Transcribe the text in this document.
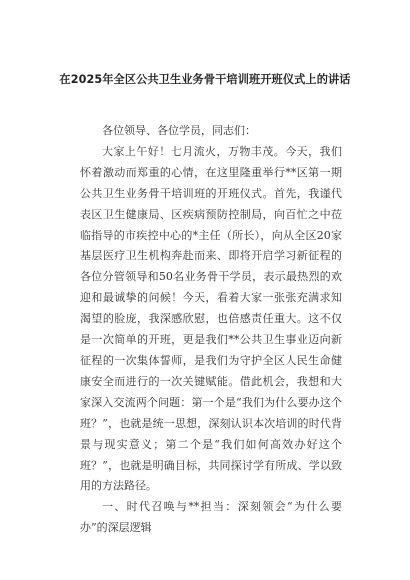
在2025年全区公共卫生业务骨干培训班开班仪式上的讲话

各位领导、各位学员，同志们：

大家上午好！七月流火，万物丰茂。今天，我们怀着激动而郑重的心情，在这里隆重举行**区第一期公共卫生业务骨干培训班的开班仪式。首先，我谨代表区卫生健康局、区疾病预防控制局，向百忙之中莅临指导的市疾控中心的*主任（所长），向从全区20家基层医疗卫生机构奔赴而来、即将开启学习新征程的各位分管领导和50名业务骨干学员，表示最热烈的欢迎和最诚挚的问候！今天，看着大家一张张充满求知渴望的脸庞，我深感欣慰，也倍感责任重大。这不仅是一次简单的开班，更是我们**公共卫生事业迈向新征程的一次集体誓师，是我们为守护全区人民生命健康安全而进行的一次关键赋能。借此机会，我想和大家深入交流两个问题：第一个是“我们为什么要办这个班？”，也就是统一思想，深刻认识本次培训的时代背景与现实意义；第二个是“我们如何高效办好这个班？”，也就是明确目标，共同探讨学有所成、学以致用的方法路径。

一、时代召唤与**担当：深刻领会“为什么要办”的深层逻辑
